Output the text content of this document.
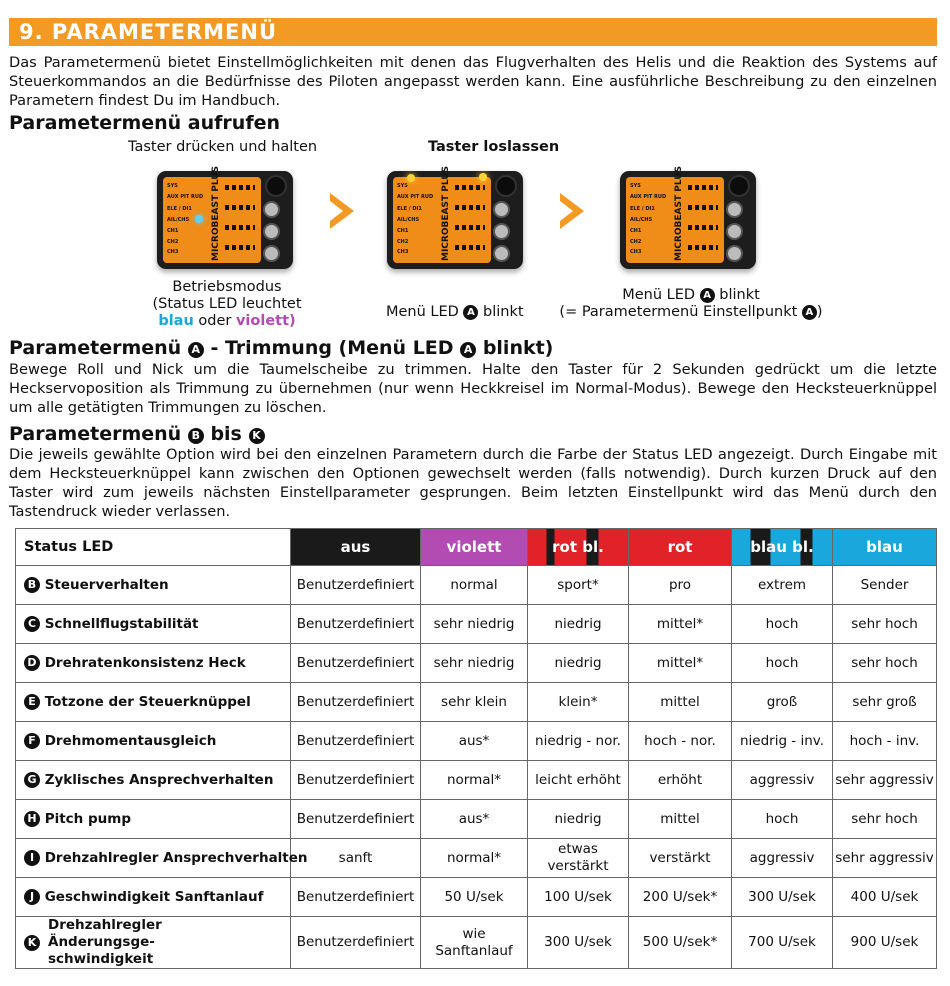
9. PARAMETERMENÜ
Das Parametermenü bietet Einstellmöglichkeiten mit denen das Flugverhalten des Helis und die Reaktion des Systems auf Steuerkommandos an die Bedürfnisse des Piloten angepasst werden kann. Eine ausführliche Beschreibung zu den einzelnen Parametern findest Du im Handbuch.
Parametermenü aufrufen
Taster drücken und halten	Taster loslassen
SYS
AUX PIT RUD
ELE / DI1
AIL/CH5
CH1
CH2
CH3	MICROBEAST PLUS	SYS
AUX PIT RUD
ELE / DI1
AIL/CH5
CH1
CH2
CH3	MICROBEAST PLUS	SYS
AUX PIT RUD
ELE / DI1
AIL/CH5
CH1
CH2
CH3	MICROBEAST PLUS
Betriebsmodus
(Status LED leuchtet
blau oder violett)
Menü LED A blinkt
Menü LED A blinkt
(= Parametermenü Einstellpunkt A )
Parametermenü A - Trimmung (Menü LED A blinkt)
Bewege Roll und Nick um die Taumelscheibe zu trimmen. Halte den Taster für 2 Sekunden gedrückt um die letzte Heckservoposition als Trimmung zu übernehmen (nur wenn Heckkreisel im Normal-Modus). Bewege den Hecksteuerknüppel um alle getätigten Trimmungen zu löschen.
Parametermenü B bis K
Die jeweils gewählte Option wird bei den einzelnen Parametern durch die Farbe der Status LED angezeigt. Durch Eingabe mit dem Hecksteuerknüppel kann zwischen den Optionen gewechselt werden (falls notwendig). Durch kurzen Druck auf den Taster wird zum jeweils nächsten Einstellparameter gesprungen. Beim letzten Einstellpunkt wird das Menü durch den Tastendruck wieder verlassen.
Status LED	aus	violett	rot bl.	rot	blau bl.	blau
B Steuerverhalten	Benutzerdefiniert	normal	sport*	pro	extrem	Sender
C Schnellflugstabilität	Benutzerdefiniert	sehr niedrig	niedrig	mittel*	hoch	sehr hoch
D Drehratenkonsistenz Heck	Benutzerdefiniert	sehr niedrig	niedrig	mittel*	hoch	sehr hoch
E Totzone der Steuerknüppel	Benutzerdefiniert	sehr klein	klein*	mittel	groß	sehr groß
F Drehmomentausgleich	Benutzerdefiniert	aus*	niedrig - nor.	hoch - nor.	niedrig - inv.	hoch - inv.
G Zyklisches Ansprechverhalten	Benutzerdefiniert	normal*	leicht erhöht	erhöht	aggressiv	sehr aggressiv
H Pitch pump	Benutzerdefiniert	aus*	niedrig	mittel	hoch	sehr hoch
I Drehzahlregler Ansprechverhalten	sanft	normal*	etwas verstärkt	verstärkt	aggressiv	sehr aggressiv
J Geschwindigkeit Sanftanlauf	Benutzerdefiniert	50 U/sek	100 U/sek	200 U/sek*	300 U/sek	400 U/sek

K
Drehzahlregler Änderungsge- schwindigkeit	Benutzerdefiniert	wie Sanftanlauf	300 U/sek	500 U/sek*	700 U/sek	900 U/sek
